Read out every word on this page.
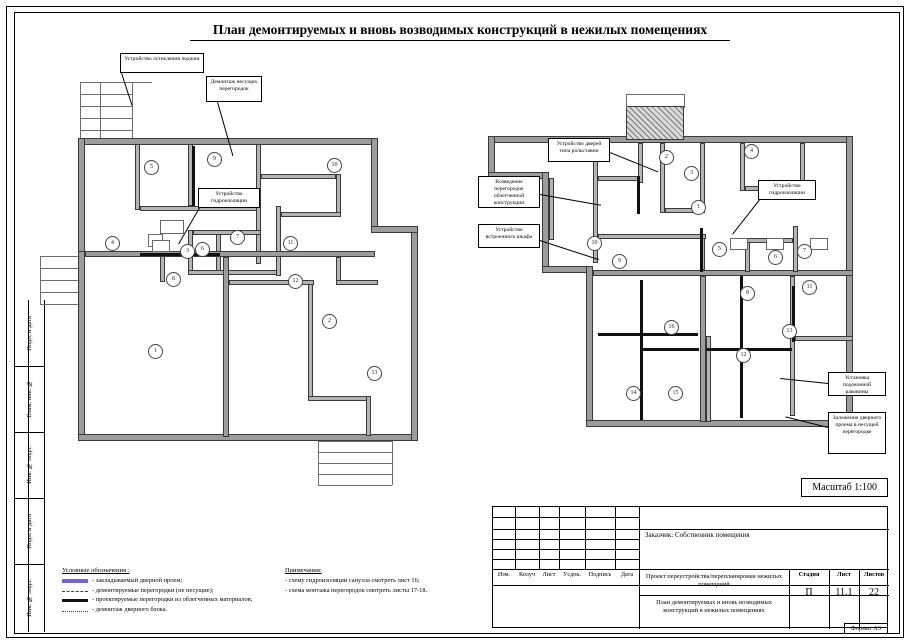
План демонтируемых и вновь возводимых конструкций в нежилых помещениях
Подп. и дата
Взам. инв. №
Инв. № подл.
Подп. и дата
Инв. № подл.
5	10
9
4
6
11
3
8
7
12
1
2
13
2
3
1
4
5	7
6
10
9
8
11
12
13
14	15
16
Устройство остекления лоджии
Демонтаж несущих перегородок
Устройство гидроизоляции
Возведение перегородок облегченной конструкции
Устройство встроенного шкафа
Устройство дверей типа рольставни
Устройство гидроизоляции
Установка подоконной раковины
Заложение дверного проема в несущей перегородке
Масштаб 1:100
Условные обозначения :
- закладываемый дверной проем;
- демонтируемые перегородки (не несущие);
- проектируемые перегородки из облегченных материалов;
- демонтаж дверного блока.
Примечания:
- схему гидроизоляции санузла смотреть лист 16;
- схема монтажа перегородок смотреть листы 17-18.
Изм.	Колуч	Лист	Уcдок.	Подпись	Дата
Заказчик: Собственник помещения
Проект переустройства/перепланировки нежилых помещений
Стадия	Лист	Листов
П	11.1	22
План демонтируемых и вновь возводимых конструкций в нежилых помещениях
Формат А3
